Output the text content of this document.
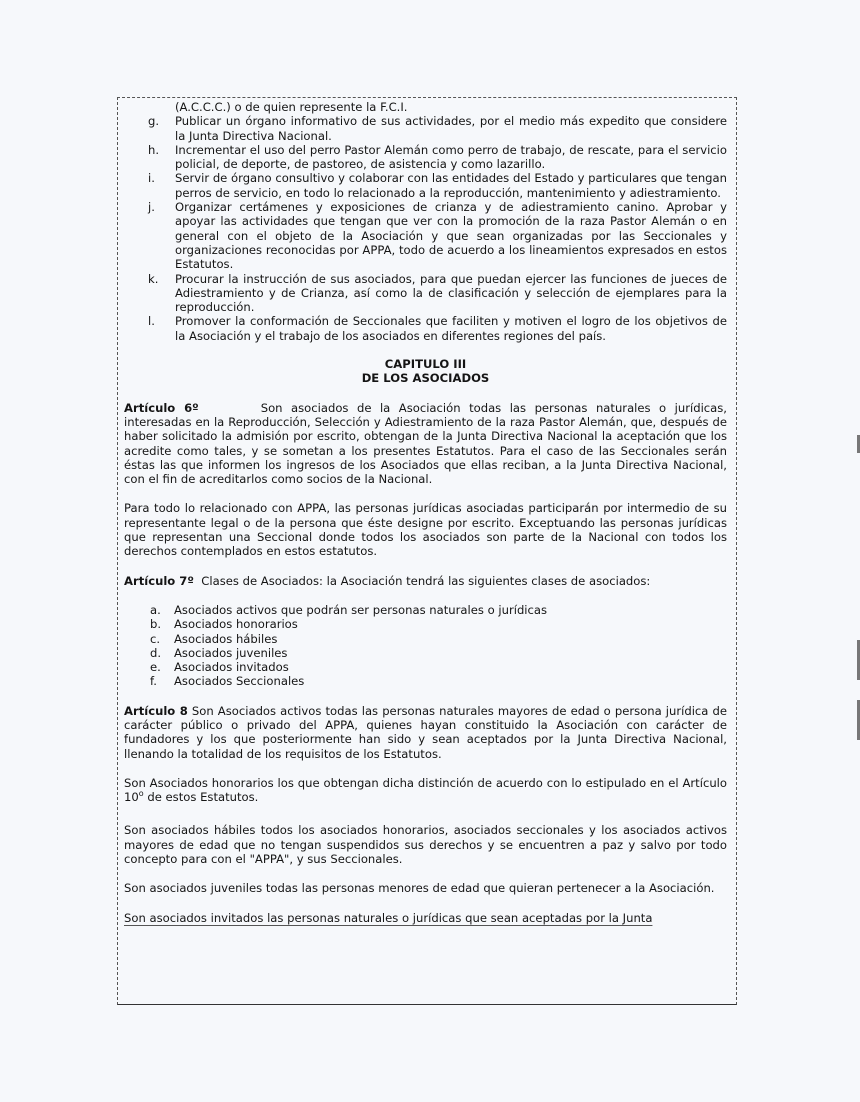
(A.C.C.C.) o de quien represente la F.C.I.
g.	Publicar un órgano informativo de sus actividades, por el medio más expedito que considere la Junta Directiva Nacional.
h.	Incrementar el uso del perro Pastor Alemán como perro de trabajo, de rescate, para el servicio policial, de deporte, de pastoreo, de asistencia y como lazarillo.
i.	Servir de órgano consultivo y colaborar con las entidades del Estado y particulares que tengan perros de servicio, en todo lo relacionado a la reproducción, mantenimiento y adiestramiento.
j.	Organizar certámenes y exposiciones de crianza y de adiestramiento canino. Aprobar y apoyar las actividades que tengan que ver con la promoción de la raza Pastor Alemán o en general con el objeto de la Asociación y que sean organizadas por las Seccionales y organizaciones reconocidas por APPA, todo de acuerdo a los lineamientos expresados en estos Estatutos.
k.	Procurar la instrucción de sus asociados, para que puedan ejercer las funciones de jueces de Adiestramiento y de Crianza, así como la de clasificación y selección de ejemplares para la reproducción.
l.	Promover la conformación de Seccionales que faciliten y motiven el logro de los objetivos de la Asociación y el trabajo de los asociados en diferentes regiones del país.
CAPITULO III
DE LOS ASOCIADOS

Artículo 6º	Son asociados de la Asociación todas las personas naturales o jurídicas, interesadas en la Reproducción, Selección y Adiestramiento de la raza Pastor Alemán, que, después de haber solicitado la admisión por escrito, obtengan de la Junta Directiva Nacional la aceptación que los acredite como tales, y se sometan a los presentes Estatutos. Para el caso de las Seccionales serán éstas las que informen los ingresos de los Asociados que ellas reciban, a la Junta Directiva Nacional, con el fin de acreditarlos como socios de la Nacional.

Para todo lo relacionado con APPA, las personas jurídicas asociadas participarán por intermedio de su representante legal o de la persona que éste designe por escrito. Exceptuando las personas jurídicas que representan una Seccional donde todos los asociados son parte de la Nacional con todos los derechos contemplados en estos estatutos.

Artículo 7º Clases de Asociados: la Asociación tendrá las siguientes clases de asociados:

a.	Asociados activos que podrán ser personas naturales o jurídicas
b.	Asociados honorarios
c.	Asociados hábiles
d.	Asociados juveniles
e.	Asociados invitados
f.	Asociados Seccionales

Artículo 8 Son Asociados activos todas las personas naturales mayores de edad o persona jurídica de carácter público o privado del APPA, quienes hayan constituido la Asociación con carácter de fundadores y los que posteriormente han sido y sean aceptados por la Junta Directiva Nacional, llenando la totalidad de los requisitos de los Estatutos.

Son Asociados honorarios los que obtengan dicha distinción de acuerdo con lo estipulado en el Artículo 10$^o$ de estos Estatutos.

Son asociados hábiles todos los asociados honorarios, asociados seccionales y los asociados activos mayores de edad que no tengan suspendidos sus derechos y se encuentren a paz y salvo por todo concepto para con el "APPA", y sus Seccionales.

Son asociados juveniles todas las personas menores de edad que quieran pertenecer a la Asociación.

Son asociados invitados las personas naturales o jurídicas que sean aceptadas por la Junta
